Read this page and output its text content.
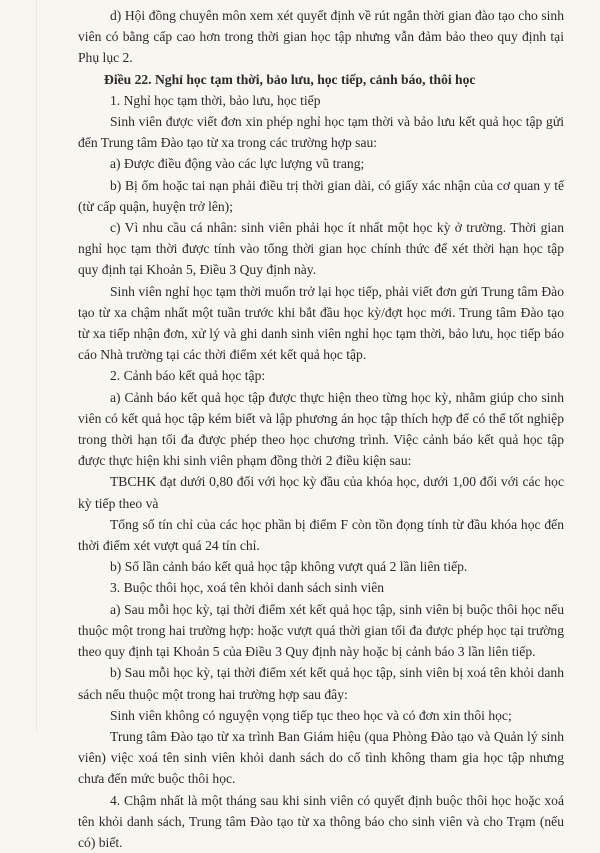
d) Hội đồng chuyên môn xem xét quyết định về rút ngắn thời gian đào tạo cho sinh viên có bằng cấp cao hơn trong thời gian học tập nhưng vẫn đảm bảo theo quy định tại Phụ lục 2.

Điều 22. Nghỉ học tạm thời, bảo lưu, học tiếp, cảnh báo, thôi học

1. Nghỉ học tạm thời, bảo lưu, học tiếp

Sinh viên được viết đơn xin phép nghỉ học tạm thời và bảo lưu kết quả học tập gửi đến Trung tâm Đào tạo từ xa trong các trường hợp sau:

a) Được điều động vào các lực lượng vũ trang;

b) Bị ốm hoặc tai nạn phải điều trị thời gian dài, có giấy xác nhận của cơ quan y tế (từ cấp quận, huyện trở lên);

c) Vì nhu cầu cá nhân: sinh viên phải học ít nhất một học kỳ ở trường. Thời gian nghỉ học tạm thời được tính vào tổng thời gian học chính thức để xét thời hạn học tập quy định tại Khoản 5, Điều 3 Quy định này.

Sinh viên nghỉ học tạm thời muốn trở lại học tiếp, phải viết đơn gửi Trung tâm Đào tạo từ xa chậm nhất một tuần trước khi bắt đầu học kỳ/đợt học mới. Trung tâm Đào tạo từ xa tiếp nhận đơn, xử lý và ghi danh sinh viên nghỉ học tạm thời, bảo lưu, học tiếp báo cáo Nhà trường tại các thời điểm xét kết quả học tập.

2. Cảnh báo kết quả học tập:

a) Cảnh báo kết quả học tập được thực hiện theo từng học kỳ, nhằm giúp cho sinh viên có kết quả học tập kém biết và lập phương án học tập thích hợp để có thể tốt nghiệp trong thời hạn tối đa được phép theo học chương trình. Việc cảnh báo kết quả học tập được thực hiện khi sinh viên phạm đồng thời 2 điều kiện sau:

TBCHK đạt dưới 0,80 đối với học kỳ đầu của khóa học, dưới 1,00 đối với các học kỳ tiếp theo và

Tổng số tín chỉ của các học phần bị điểm F còn tồn đọng tính từ đầu khóa học đến thời điểm xét vượt quá 24 tín chỉ.

b) Số lần cảnh báo kết quả học tập không vượt quá 2 lần liên tiếp.

3. Buộc thôi học, xoá tên khỏi danh sách sinh viên

a) Sau mỗi học kỳ, tại thời điểm xét kết quả học tập, sinh viên bị buộc thôi học nếu thuộc một trong hai trường hợp: hoặc vượt quá thời gian tối đa được phép học tại trường theo quy định tại Khoản 5 của Điều 3 Quy định này hoặc bị cảnh báo 3 lần liên tiếp.

b) Sau mỗi học kỳ, tại thời điểm xét kết quả học tập, sinh viên bị xoá tên khỏi danh sách nếu thuộc một trong hai trường hợp sau đây:

Sinh viên không có nguyện vọng tiếp tục theo học và có đơn xin thôi học;

Trung tâm Đào tạo từ xa trình Ban Giám hiệu (qua Phòng Đào tạo và Quản lý sinh viên) việc xoá tên sinh viên khỏi danh sách do cố tình không tham gia học tập nhưng chưa đến mức buộc thôi học.

4. Chậm nhất là một tháng sau khi sinh viên có quyết định buộc thôi học hoặc xoá tên khỏi danh sách, Trung tâm Đào tạo từ xa thông báo cho sinh viên và cho Trạm (nếu có) biết.
